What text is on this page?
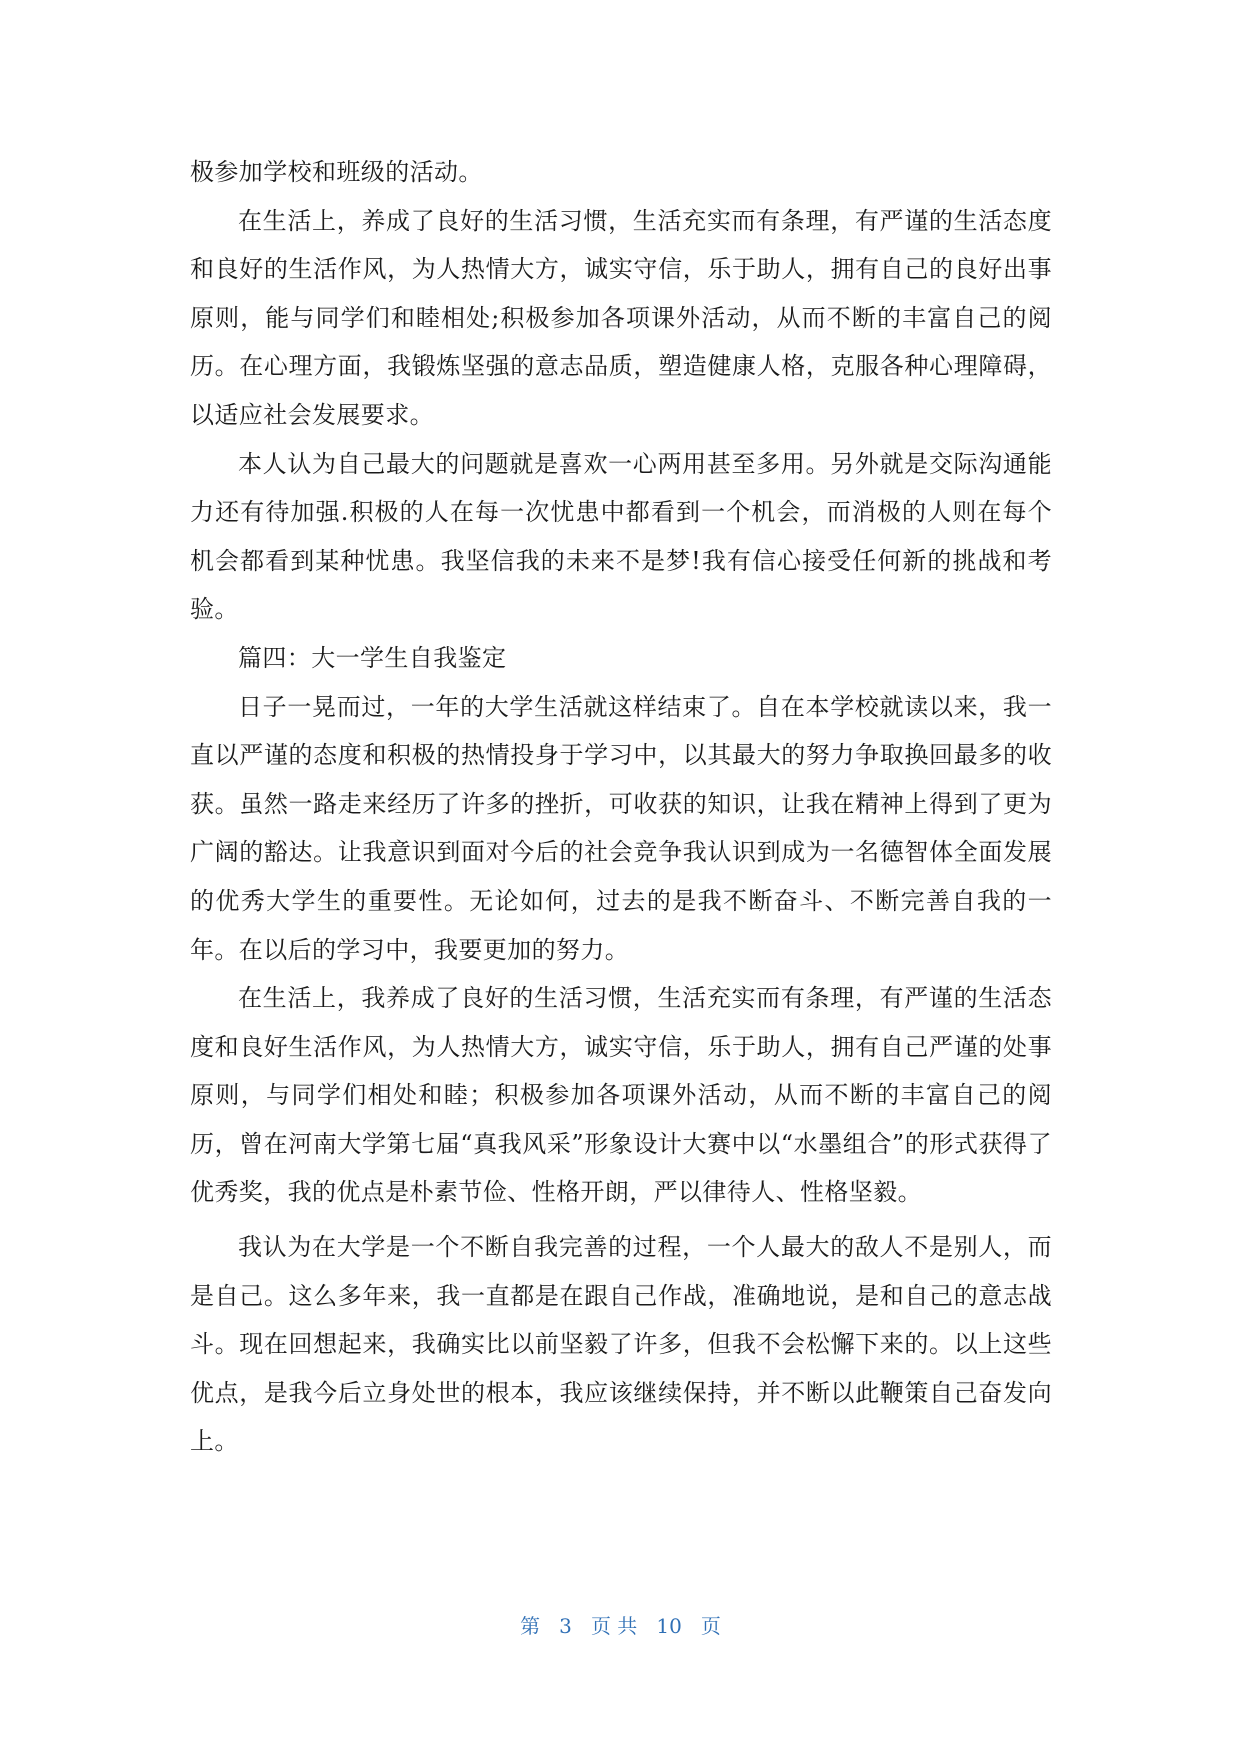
极参加学校和班级的活动。

在生活上，养成了良好的生活习惯，生活充实而有条理，有严谨的生活态度和良好的生活作风，为人热情大方，诚实守信，乐于助人，拥有自己的良好出事原则，能与同学们和睦相处;积极参加各项课外活动，从而不断的丰富自己的阅历。在心理方面，我锻炼坚强的意志品质，塑造健康人格，克服各种心理障碍，以适应社会发展要求。

本人认为自己最大的问题就是喜欢一心两用甚至多用。另外就是交际沟通能力还有待加强.积极的人在每一次忧患中都看到一个机会，而消极的人则在每个机会都看到某种忧患。我坚信我的未来不是梦!我有信心接受任何新的挑战和考验。

篇四：大一学生自我鉴定

日子一晃而过，一年的大学生活就这样结束了。自在本学校就读以来，我一直以严谨的态度和积极的热情投身于学习中，以其最大的努力争取换回最多的收获。虽然一路走来经历了许多的挫折，可收获的知识，让我在精神上得到了更为广阔的豁达。让我意识到面对今后的社会竞争我认识到成为一名德智体全面发展的优秀大学生的重要性。无论如何，过去的是我不断奋斗、不断完善自我的一年。在以后的学习中，我要更加的努力。

在生活上，我养成了良好的生活习惯，生活充实而有条理，有严谨的生活态度和良好生活作风，为人热情大方，诚实守信，乐于助人，拥有自己严谨的处事原则，与同学们相处和睦；积极参加各项课外活动，从而不断的丰富自己的阅历，曾在河南大学第七届“真我风采”形象设计大赛中以“水墨组合”的形式获得了优秀奖，我的优点是朴素节俭、性格开朗，严以律待人、性格坚毅。

我认为在大学是一个不断自我完善的过程，一个人最大的敌人不是别人，而是自己。这么多年来，我一直都是在跟自己作战，准确地说，是和自己的意志战斗。现在回想起来，我确实比以前坚毅了许多，但我不会松懈下来的。以上这些优点，是我今后立身处世的根本，我应该继续保持，并不断以此鞭策自己奋发向上。

第 3 页 共 10 页
